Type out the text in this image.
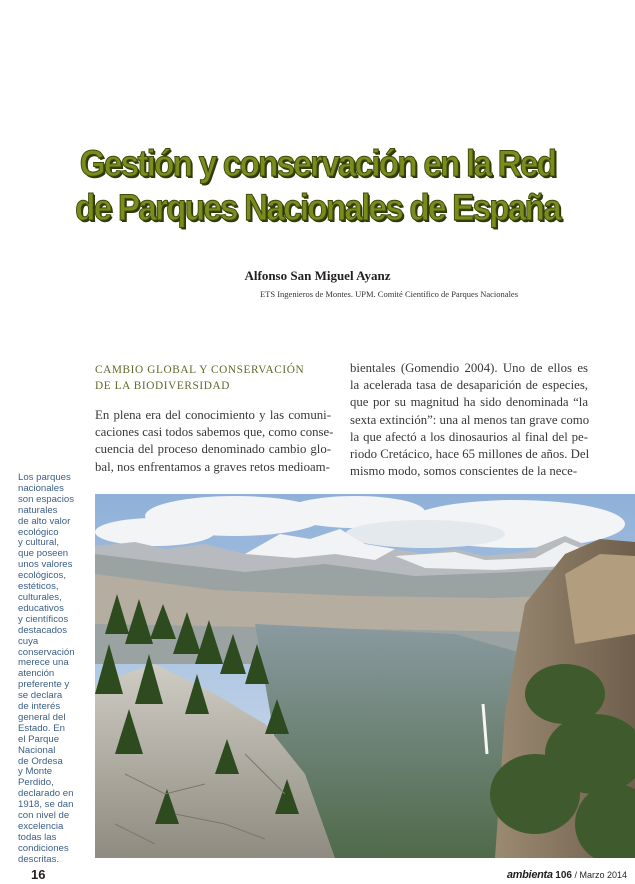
Gestión y conservación en la Red
de Parques Nacionales de España
Alfonso San Miguel Ayanz
ETS Ingenieros de Montes. UPM. Comité Científico de Parques Nacionales
CAMBIO GLOBAL Y CONSERVACIÓN
DE LA BIODIVERSIDAD
En plena era del conocimiento y las comuni-
caciones casi todos sabemos que, como conse-
cuencia del proceso denominado cambio glo-
bal, nos enfrentamos a graves retos medioam-
bientales (Gomendio 2004). Uno de ellos es
la acelerada tasa de desaparición de especies,
que por su magnitud ha sido denominada “la
sexta extinción”: una al menos tan grave como
la que afectó a los dinosaurios al final del pe-
riodo Cretácico, hace 65 millones de años. Del
mismo modo, somos conscientes de la nece-
Los parques
nacionales
son espacios
naturales
de alto valor
ecológico
y cultural,
que poseen
unos valores
ecológicos,
estéticos,
culturales,
educativos
y científicos
destacados
cuya
conservación
merece una
atención
preferente y
se declara
de interés
general del
Estado. En
el Parque
Nacional
de Ordesa
y Monte
Perdido,
declarado en
1918, se dan
con nivel de
excelencia
todas las
condiciones
descritas.
16	ambienta 106 / Marzo 2014
